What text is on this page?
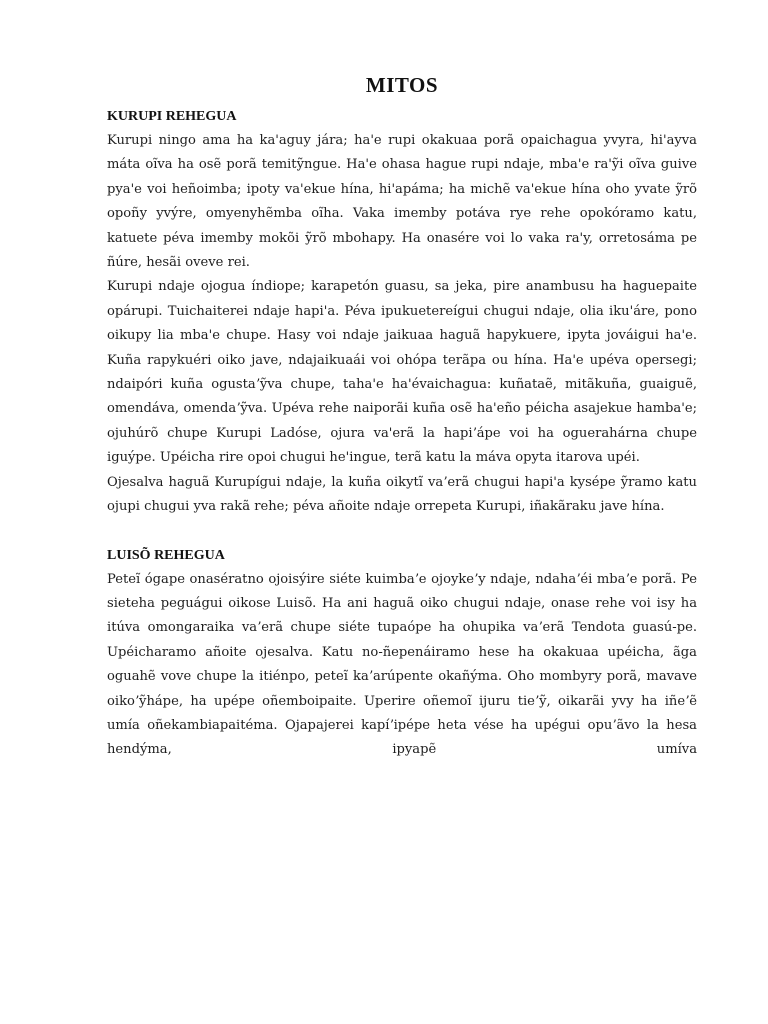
MITOS
KURUPI REHEGUA

Kurupi ningo ama ha ka'aguy jára; ha'e rupi okakuaa porã opaichagua yvyra, hi'ayva máta oĩva ha osẽ porã temitỹngue. Ha'e ohasa hague rupi ndaje, mba'e ra'ỹi oĩva guive pya'e voi heñoimba; ipoty va'ekue hína, hi'apáma; ha michẽ va'ekue hína oho yvate ỹrõ opoñy yvýre, omyenyhẽmba oĩha. Vaka imemby potáva rye rehe opokóramo katu, katuete péva imemby mokõi ỹrõ mbohapy. Ha onasére voi lo vaka ra'y, orretosáma pe ñúre, hesãi oveve rei.

Kurupi ndaje ojogua índiope; karapetón guasu, sa jeka, pire anambusu ha haguepaite opárupi. Tuichaiterei ndaje hapi'a. Péva ipukuetereígui chugui ndaje, olia iku'áre, pono oikupy lia mba'e chupe. Hasy voi ndaje jaikuaa haguã hapykuere, ipyta jováigui ha'e. Kuña rapykuéri oiko jave, ndajaikuaái voi ohópa terãpa ou hína. Ha'e upéva opersegi; ndaipóri kuña ogustaʼỹva chupe, taha'e ha'évaichagua: kuñataẽ, mitãkuña, guaiguẽ, omendáva, omendaʼỹva. Upéva rehe naiporãi kuña osẽ ha'eño péicha asajekue hamba'e; ojuhúrõ chupe Kurupi Ladóse, ojura va'erã la hapiʼápe voi ha oguerahárna chupe iguýpe. Upéicha rire opoi chugui he'ingue, terã katu la máva opyta itarova upéi.

Ojesalva haguã Kurupígui ndaje, la kuña oikytĩ vaʼerã chugui hapi'a kysépe ỹramo katu ojupi chugui yva rakã rehe; péva añoite ndaje orrepeta Kurupi, iñakãraku jave hína.

LUISÕ REHEGUA

Peteĩ ógape onasératno ojoisýire siéte kuimbaʼe ojoykeʼy ndaje, ndahaʼéi mbaʼe porã. Pe sieteha peguágui oikose Luisõ. Ha ani haguã oiko chugui ndaje, onase rehe voi isy ha itúva omongaraika vaʼerã chupe siéte tupaópe ha ohupika vaʼerã Tendota guasú-pe. Upéicharamo añoite ojesalva. Katu no-ñepenáiramo hese ha okakuaa upéicha, ãga oguahẽ vove chupe la itiénpo, peteĩ kaʼarúpente okañýma. Oho mombyry porã, mavave oikoʼỹhápe, ha upépe oñemboipaite. Uperire oñemoĩ ijuru tieʼỹ, oikarãi yvy ha iñeʼẽ umía oñekambiapaitéma. Ojapajerei kapíʼipépe heta vése ha upégui opuʼãvo la hesa hendýma, ipyapẽ umíva
